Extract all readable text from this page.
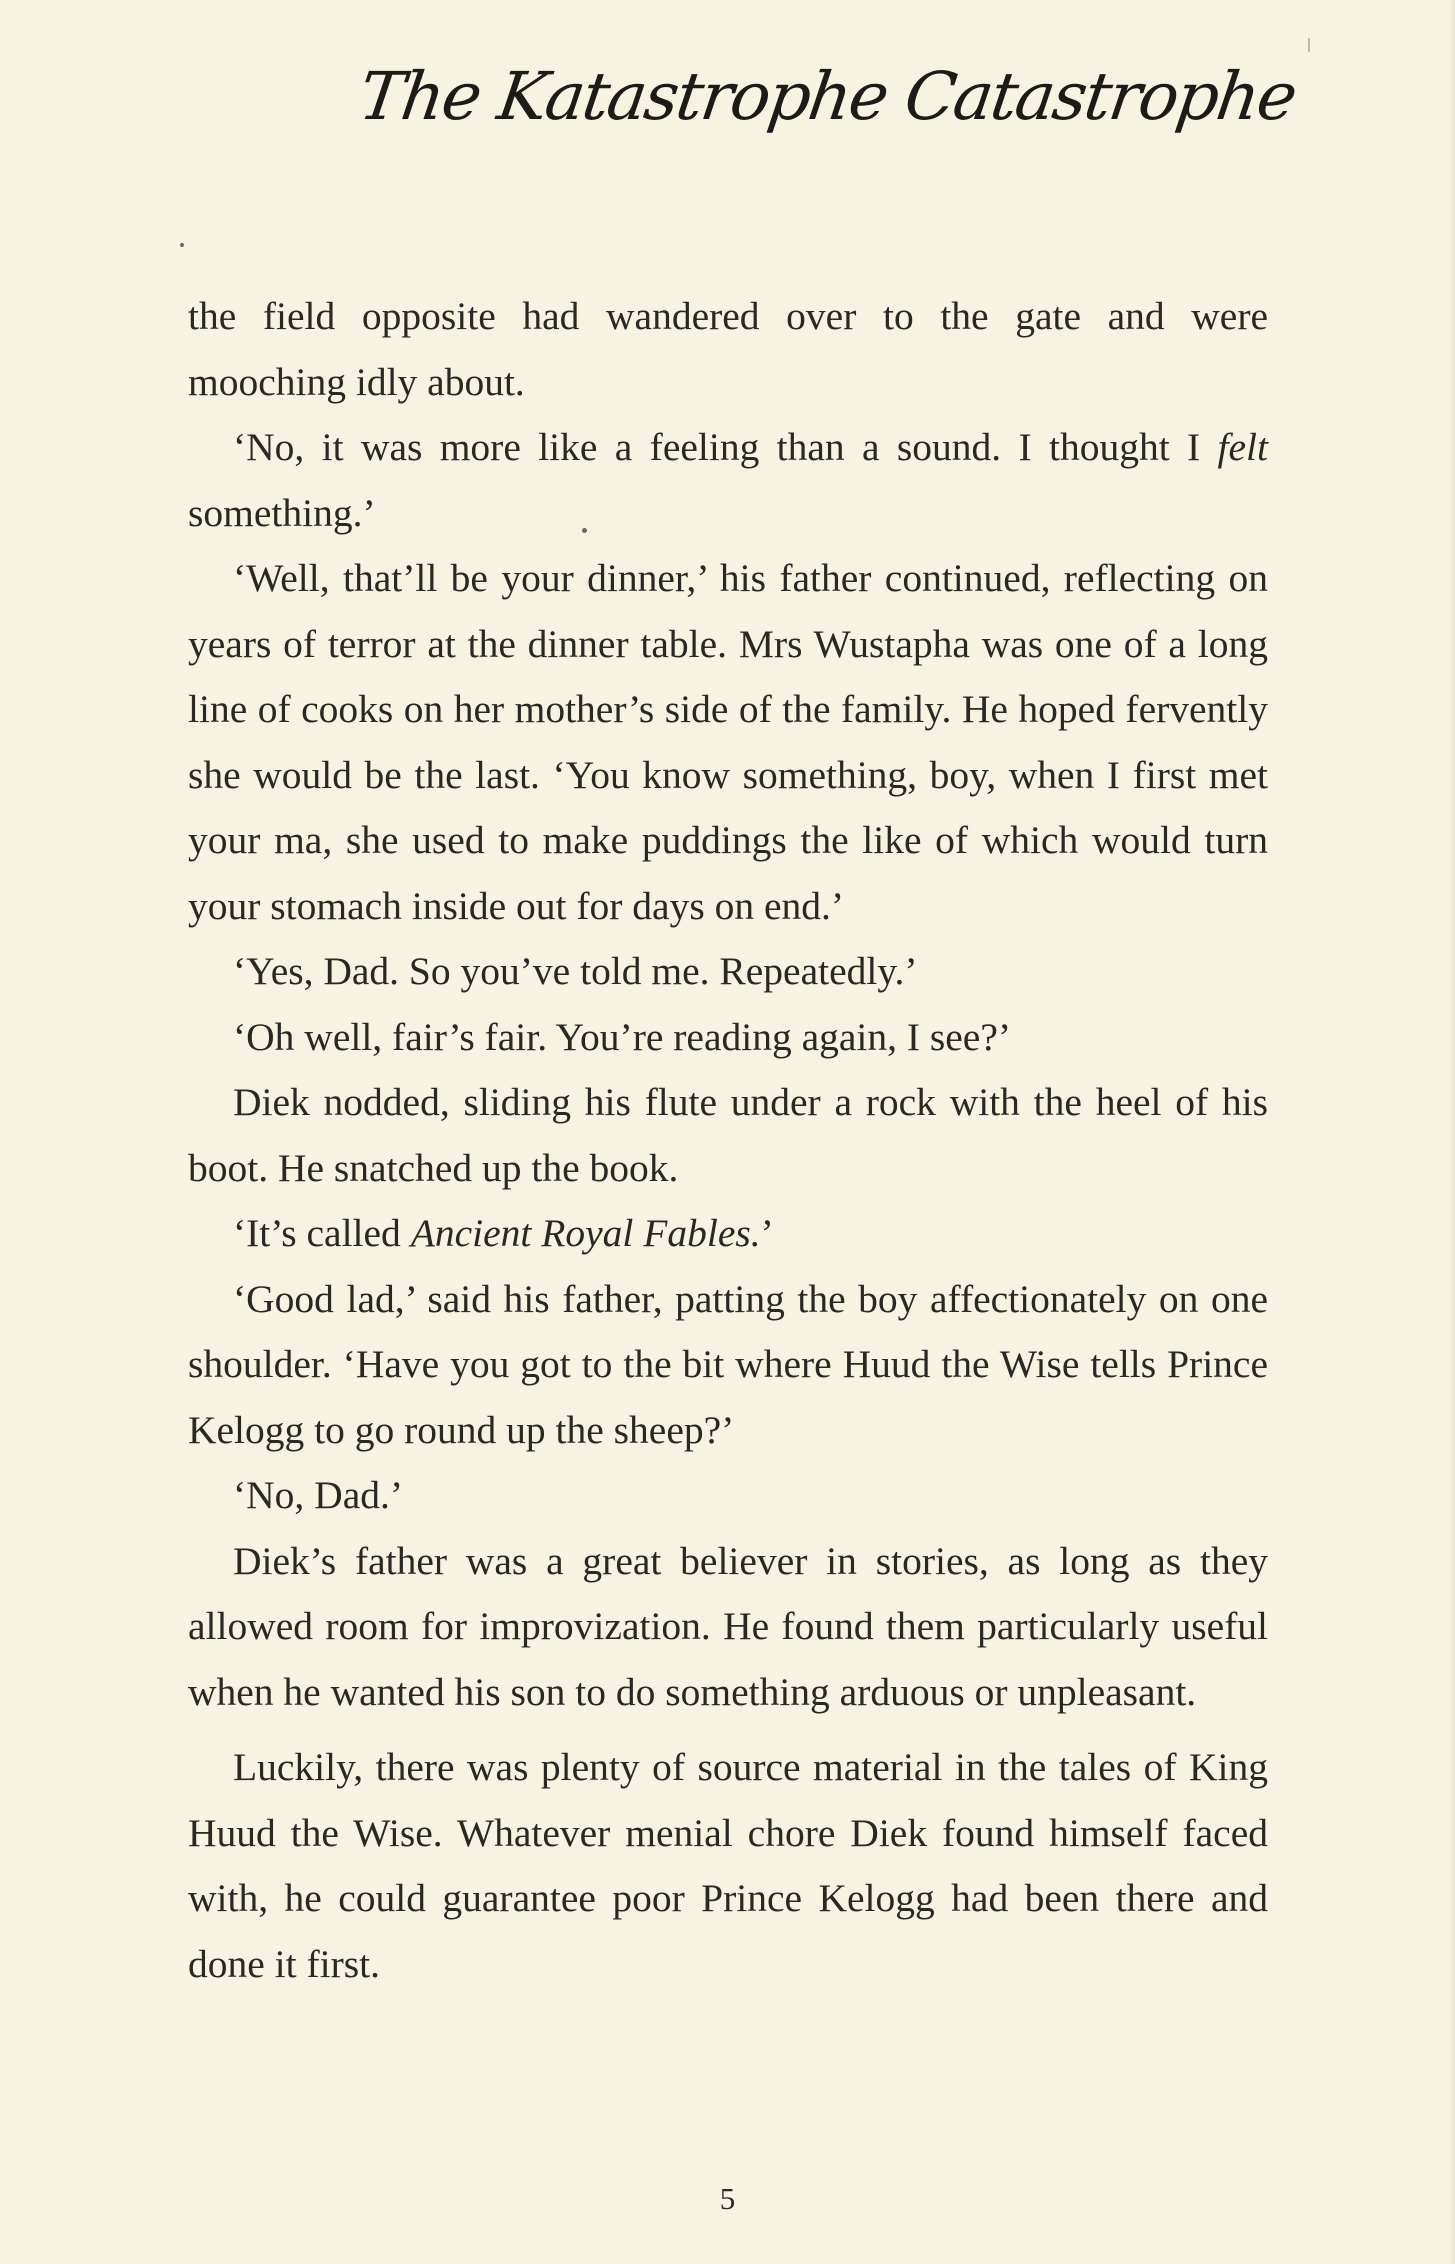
The Katastrophe Catastrophe

the field opposite had wandered over to the gate and were mooching idly about.

‘No, it was more like a feeling than a sound. I thought I felt something.’

‘Well, that’ll be your dinner,’ his father continued, reflecting on years of terror at the dinner table. Mrs Wustapha was one of a long line of cooks on her mother’s side of the family. He hoped fervently she would be the last. ‘You know something, boy, when I first met your ma, she used to make puddings the like of which would turn your stomach inside out for days on end.’

‘Yes, Dad. So you’ve told me. Repeatedly.’

‘Oh well, fair’s fair. You’re reading again, I see?’

Diek nodded, sliding his flute under a rock with the heel of his boot. He snatched up the book.

‘It’s called Ancient Royal Fables.’

‘Good lad,’ said his father, patting the boy affectionately on one shoulder. ‘Have you got to the bit where Huud the Wise tells Prince Kelogg to go round up the sheep?’

‘No, Dad.’

Diek’s father was a great believer in stories, as long as they allowed room for improvization. He found them particularly useful when he wanted his son to do something arduous or unpleasant.

Luckily, there was plenty of source material in the tales of King Huud the Wise. Whatever menial chore Diek found himself faced with, he could guarantee poor Prince Kelogg had been there and done it first.

5
